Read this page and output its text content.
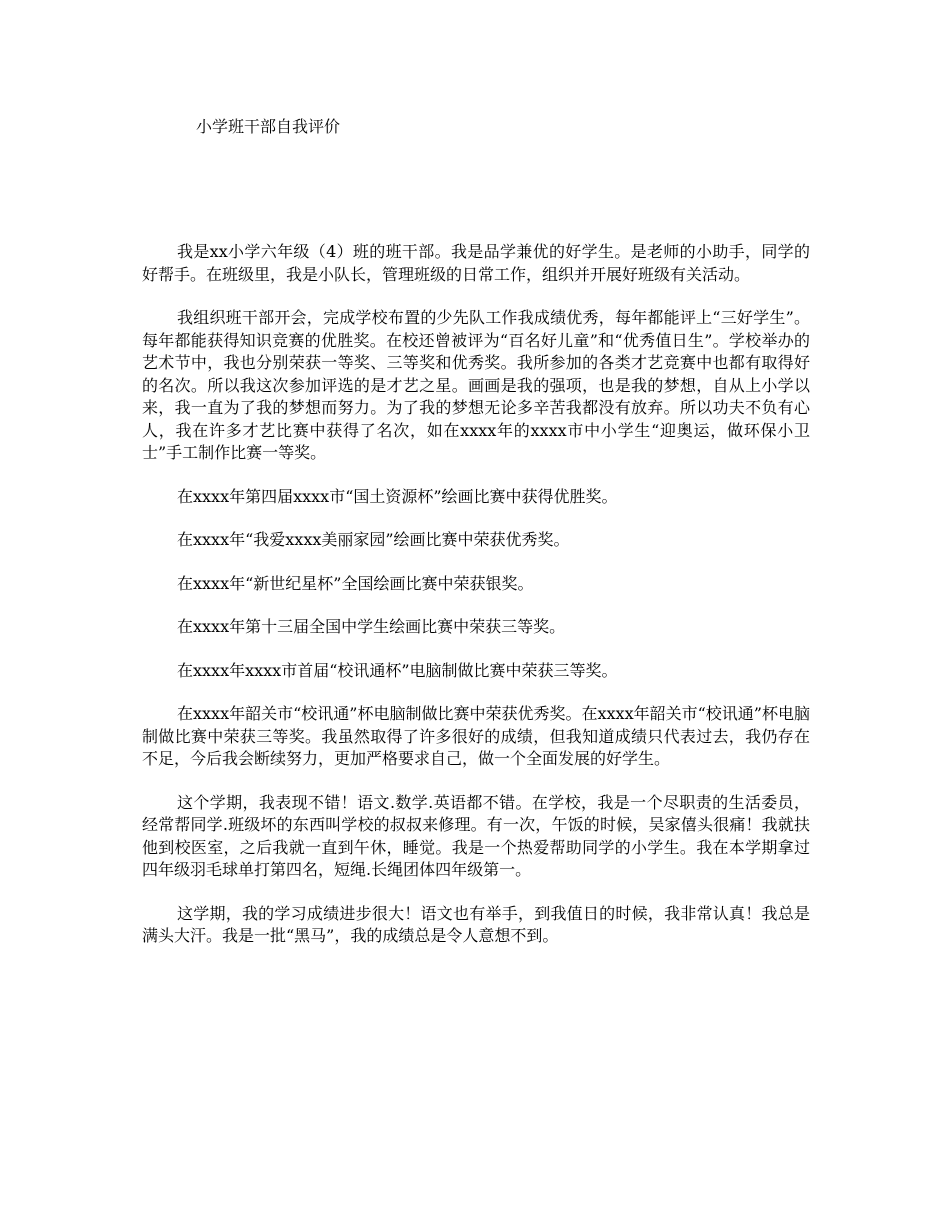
小学班干部自我评价

我是xx小学六年级（4）班的班干部。我是品学兼优的好学生。是老师的小助手，同学的好帮手。在班级里，我是小队长，管理班级的日常工作，组织并开展好班级有关活动。

我组织班干部开会，完成学校布置的少先队工作我成绩优秀，每年都能评上“三好学生”。每年都能获得知识竞赛的优胜奖。在校还曾被评为“百名好儿童”和“优秀值日生”。学校举办的艺术节中，我也分别荣获一等奖、三等奖和优秀奖。我所参加的各类才艺竞赛中也都有取得好的名次。所以我这次参加评选的是才艺之星。画画是我的强项，也是我的梦想，自从上小学以来，我一直为了我的梦想而努力。为了我的梦想无论多辛苦我都没有放弃。所以功夫不负有心人，我在许多才艺比赛中获得了名次，如在xxxx年的xxxx市中小学生“迎奥运，做环保小卫士”手工制作比赛一等奖。

在xxxx年第四届xxxx市“国土资源杯”绘画比赛中获得优胜奖。

在xxxx年“我爱xxxx美丽家园”绘画比赛中荣获优秀奖。

在xxxx年“新世纪星杯”全国绘画比赛中荣获银奖。

在xxxx年第十三届全国中学生绘画比赛中荣获三等奖。

在xxxx年xxxx市首届“校讯通杯”电脑制做比赛中荣获三等奖。

在xxxx年韶关市“校讯通”杯电脑制做比赛中荣获优秀奖。在xxxx年韶关市“校讯通”杯电脑制做比赛中荣获三等奖。我虽然取得了许多很好的成绩，但我知道成绩只代表过去，我仍存在不足，今后我会断续努力，更加严格要求自己，做一个全面发展的好学生。

这个学期，我表现不错！语文.数学.英语都不错。在学校，我是一个尽职责的生活委员，经常帮同学.班级坏的东西叫学校的叔叔来修理。有一次，午饭的时候，吴家僖头很痛！我就扶他到校医室，之后我就一直到午休，睡觉。我是一个热爱帮助同学的小学生。我在本学期拿过四年级羽毛球单打第四名，短绳.长绳团体四年级第一。

这学期，我的学习成绩进步很大！语文也有举手，到我值日的时候，我非常认真！我总是满头大汗。我是一批“黑马”，我的成绩总是令人意想不到。
